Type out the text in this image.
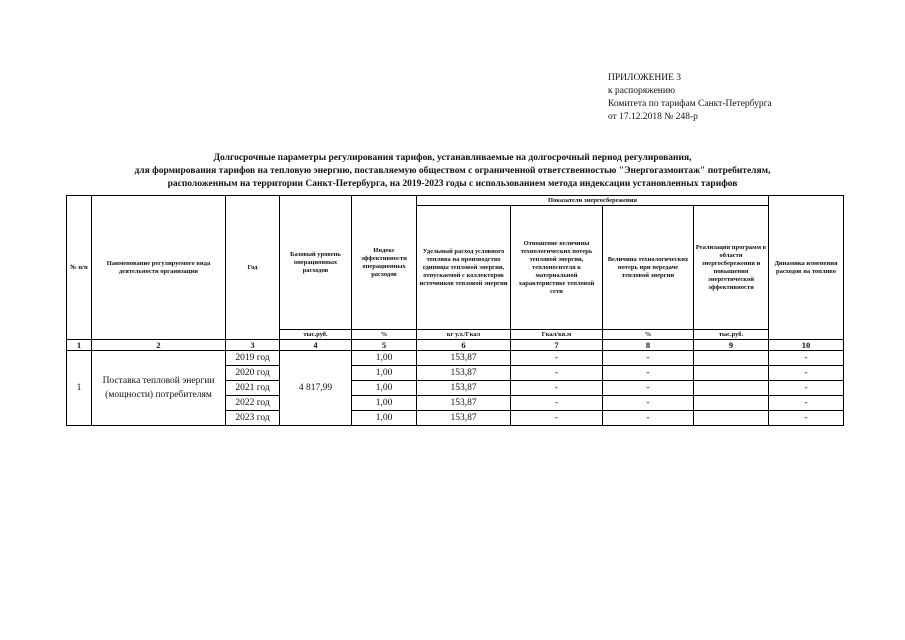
ПРИЛОЖЕНИЕ 3
к распоряжению
Комитета по тарифам Санкт-Петербурга
от 17.12.2018 № 248-р
Долгосрочные параметры регулирования тарифов, устанавливаемые на долгосрочный период регулирования,
для формирования тарифов на тепловую энергию, поставляемую обществом с ограниченной ответственностью "Энергогазмонтаж" потребителям,
расположенным на территории Санкт-Петербурга, на 2019-2023 годы с использованием метода индексации установленных тарифов
№ п/п	Наименование регулируемого вида деятельности организации	Год	Базовый уровень операционных расходов	Индекс эффективности операционных расходов	Показатели энергосбережения				Динамика изменения расходов на топливо
					Удельный расход условного топлива на производство единицы тепловой энергии, отпускаемой с коллекторов источников тепловой энергии	Отношение величины технологических потерь тепловой энергии, теплоносителя к материальной характеристике тепловой сети	Величина технологических потерь при передаче тепловой энергии	Реализация программ в области энергосбережения и повышения энергетической эффективности	
			тыс.руб.	%	кг у.т./Гкал	Гкал/кв.м	%	тыс.руб.	
1	2	3	4	5	6	7	8	9	10
1	Поставка тепловой энергии (мощности) потребителям	2019 год	4 817,99	1,00	153,87	-	-		-
		2020 год		1,00	153,87	-	-		-
		2021 год		1,00	153,87	-	-		-
		2022 год		1,00	153,87	-	-		-
		2023 год		1,00	153,87	-	-		-
